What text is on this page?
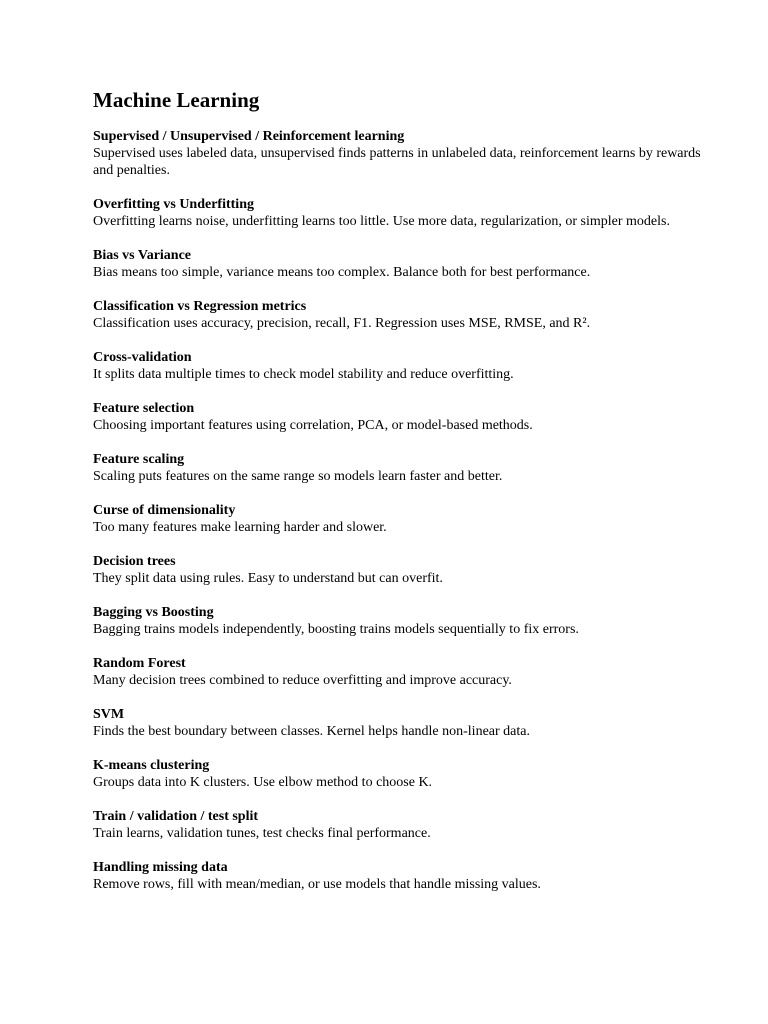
Machine Learning

Supervised / Unsupervised / Reinforcement learning

Supervised uses labeled data, unsupervised finds patterns in unlabeled data, reinforcement learns by rewards and penalties.

Overfitting vs Underfitting

Overfitting learns noise, underfitting learns too little. Use more data, regularization, or simpler models.

Bias vs Variance

Bias means too simple, variance means too complex. Balance both for best performance.

Classification vs Regression metrics

Classification uses accuracy, precision, recall, F1. Regression uses MSE, RMSE, and R².

Cross-validation

It splits data multiple times to check model stability and reduce overfitting.

Feature selection

Choosing important features using correlation, PCA, or model-based methods.

Feature scaling

Scaling puts features on the same range so models learn faster and better.

Curse of dimensionality

Too many features make learning harder and slower.

Decision trees

They split data using rules. Easy to understand but can overfit.

Bagging vs Boosting

Bagging trains models independently, boosting trains models sequentially to fix errors.

Random Forest

Many decision trees combined to reduce overfitting and improve accuracy.

SVM

Finds the best boundary between classes. Kernel helps handle non-linear data.

K-means clustering

Groups data into K clusters. Use elbow method to choose K.

Train / validation / test split

Train learns, validation tunes, test checks final performance.

Handling missing data

Remove rows, fill with mean/median, or use models that handle missing values.
